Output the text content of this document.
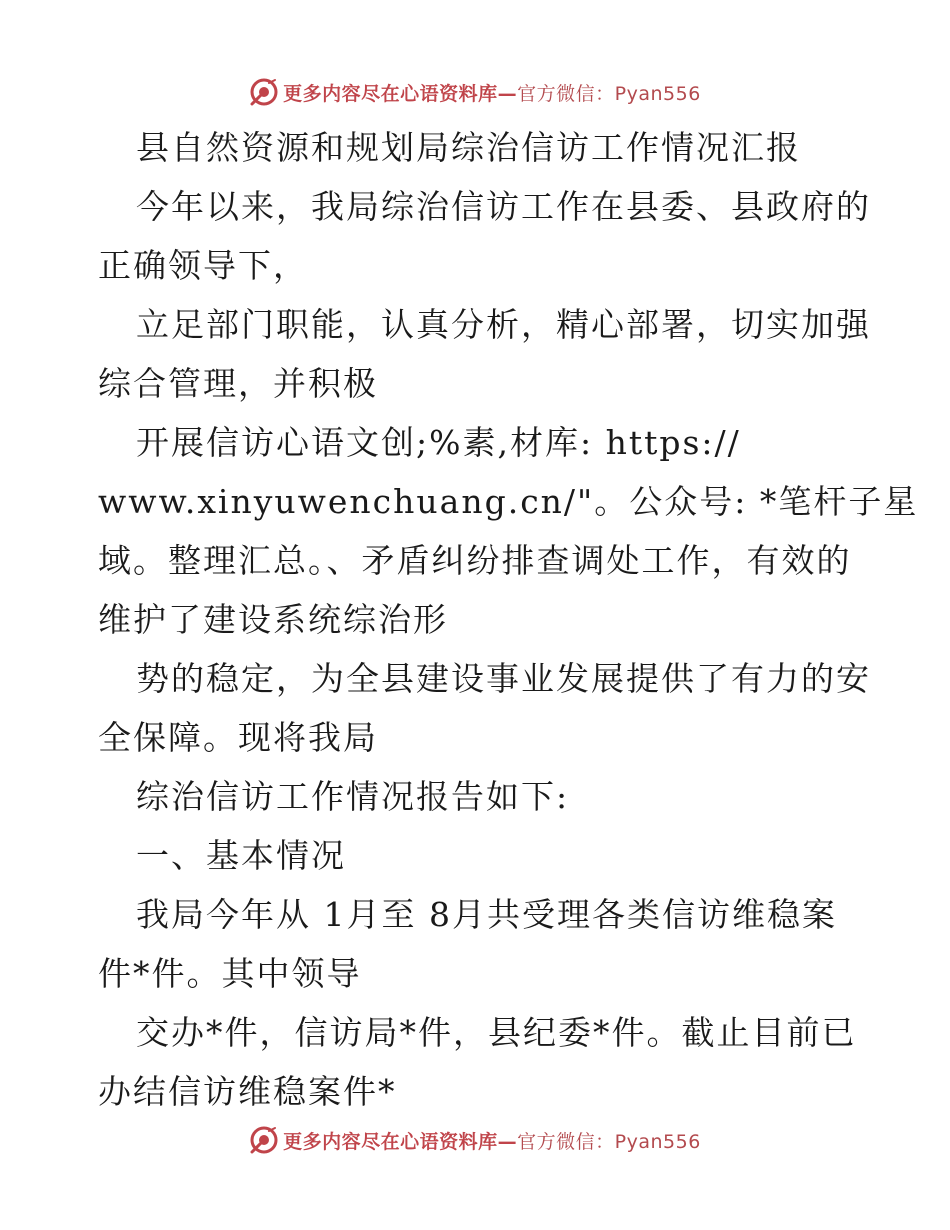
更多内容尽在心语资料库—官方微信：Pyan556
县自然资源和规划局综治信访工作情况汇报
今年以来，我局综治信访工作在县委、县政府的
正确领导下，
立足部门职能，认真分析，精心部署，切实加强
综合管理，并积极
开展信访心语文创;%素,材库: https://
www.xinyuwenchuang.cn/"。公众号: *笔杆子星
域。整理汇总。、矛盾纠纷排查调处工作，有效的
维护了建设系统综治形
势的稳定，为全县建设事业发展提供了有力的安
全保障。现将我局
综治信访工作情况报告如下:
一、基本情况
我局今年从 1月至 8月共受理各类信访维稳案
件*件。其中领导
交办*件，信访局*件，县纪委*件。截止目前已
办结信访维稳案件*
更多内容尽在心语资料库—官方微信：Pyan556
